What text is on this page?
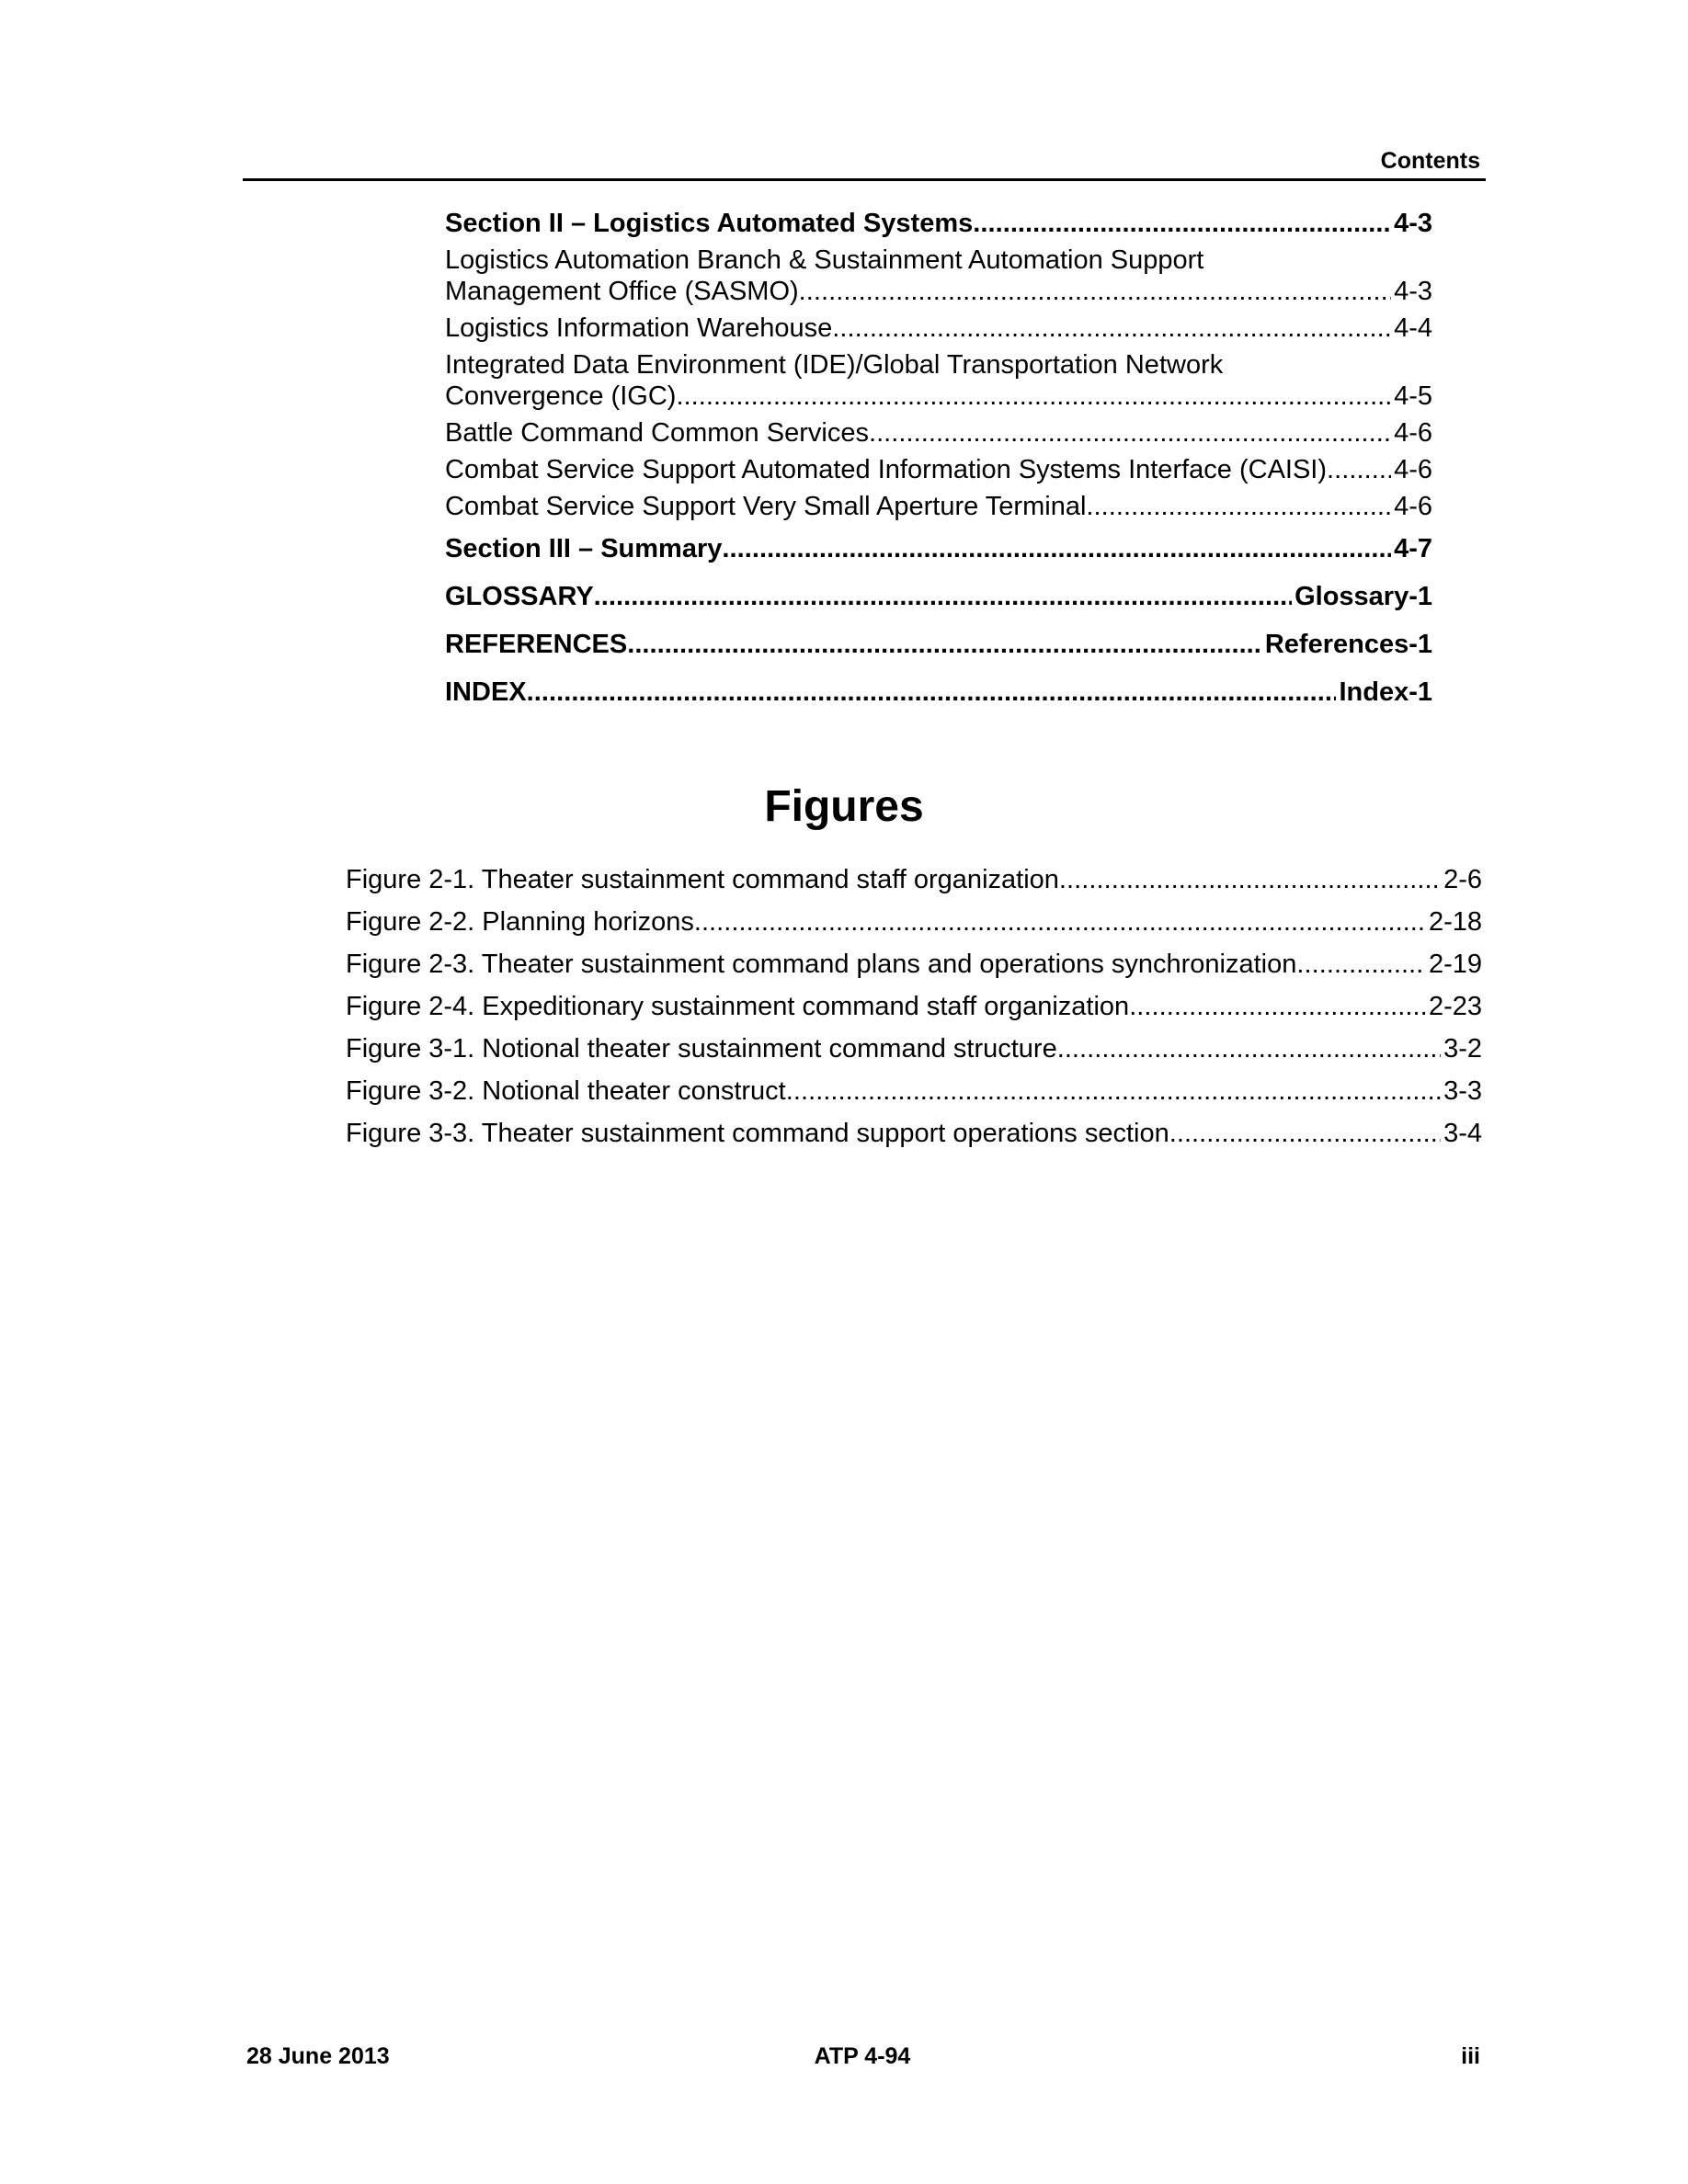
Contents
Section II – Logistics Automated Systems . . .	4-3
Logistics Automation Branch & Sustainment Automation Support
Management Office (SASMO) . . .	4-3
Logistics Information Warehouse . . .	4-4
Integrated Data Environment (IDE)/Global Transportation Network
Convergence (IGC) . . .	4-5
Battle Command Common Services . . .	4-6
Combat Service Support Automated Information Systems Interface (CAISI) . . .	4-6
Combat Service Support Very Small Aperture Terminal . . .	4-6
Section III – Summary . . .	4-7
GLOSSARY . . .	Glossary-1
REFERENCES . . .	References-1
INDEX . . .	Index-1
Figures
Figure 2-1. Theater sustainment command staff organization . . .	2-6
Figure 2-2. Planning horizons . . .	2-18
Figure 2-3. Theater sustainment command plans and operations synchronization . . .	2-19
Figure 2-4. Expeditionary sustainment command staff organization . . .	2-23
Figure 3-1. Notional theater sustainment command structure . . .	3-2
Figure 3-2. Notional theater construct . . .	3-3
Figure 3-3. Theater sustainment command support operations section . . .	3-4
28 June 2013	ATP 4-94	iii
